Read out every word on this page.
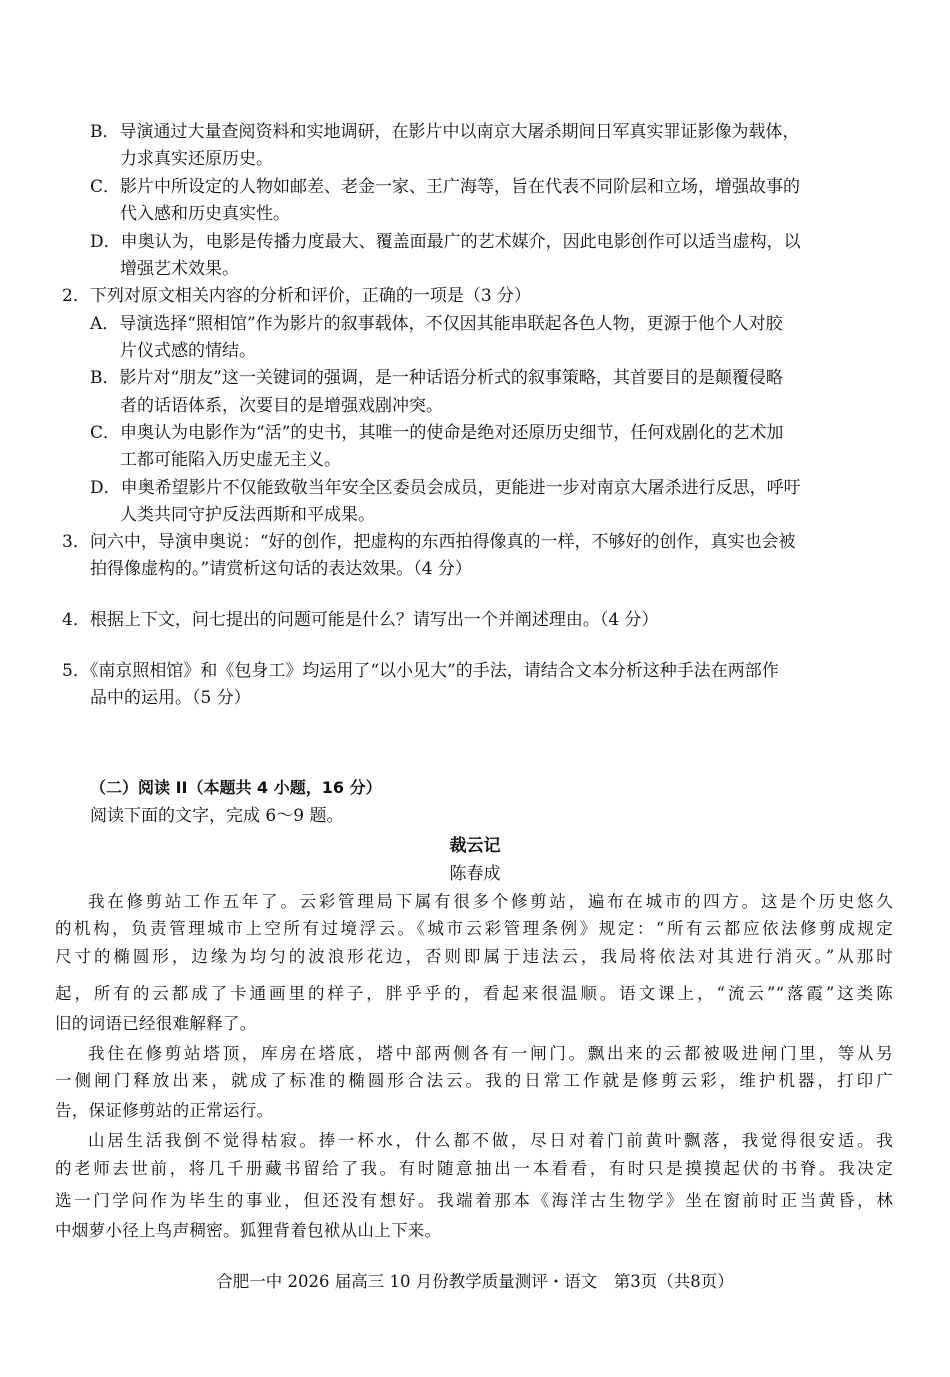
B．导演通过大量查阅资料和实地调研，在影片中以南京大屠杀期间日军真实罪证影像为载体，
力求真实还原历史。
C．影片中所设定的人物如邮差、老金一家、王广海等，旨在代表不同阶层和立场，增强故事的
代入感和历史真实性。
D．申奥认为，电影是传播力度最大、覆盖面最广的艺术媒介，因此电影创作可以适当虚构，以
增强艺术效果。
2．下列对原文相关内容的分析和评价，正确的一项是（3 分）
A．导演选择“照相馆”作为影片的叙事载体，不仅因其能串联起各色人物，更源于他个人对胶
片仪式感的情结。
B．影片对“朋友”这一关键词的强调，是一种话语分析式的叙事策略，其首要目的是颠覆侵略
者的话语体系，次要目的是增强戏剧冲突。
C．申奥认为电影作为“活”的史书，其唯一的使命是绝对还原历史细节，任何戏剧化的艺术加
工都可能陷入历史虚无主义。
D．申奥希望影片不仅能致敬当年安全区委员会成员，更能进一步对南京大屠杀进行反思，呼吁
人类共同守护反法西斯和平成果。
3．问六中，导演申奥说：“好的创作，把虚构的东西拍得像真的一样，不够好的创作，真实也会被
拍得像虚构的。”请赏析这句话的表达效果。（4 分）
4．根据上下文，问七提出的问题可能是什么？请写出一个并阐述理由。（4 分）
5．《南京照相馆》和《包身工》均运用了“以小见大”的手法，请结合文本分析这种手法在两部作
品中的运用。（5 分）
（二）阅读 II（本题共 4 小题，16 分）
阅读下面的文字，完成 6～9 题。
裁云记
陈春成
我在修剪站工作五年了。云彩管理局下属有很多个修剪站，遍布在城市的四方。这是个历史悠久
的机构，负责管理城市上空所有过境浮云。《城市云彩管理条例》规定：“所有云都应依法修剪成规定
尺寸的椭圆形，边缘为均匀的波浪形花边，否则即属于违法云，我局将依法对其进行消灭。”从那时
起，所有的云都成了卡通画里的样子，胖乎乎的，看起来很温顺。语文课上，“流云”“落霞”这类陈
旧的词语已经很难解释了。
我住在修剪站塔顶，库房在塔底，塔中部两侧各有一闸门。飘出来的云都被吸进闸门里，等从另
一侧闸门释放出来，就成了标准的椭圆形合法云。我的日常工作就是修剪云彩，维护机器，打印广
告，保证修剪站的正常运行。
山居生活我倒不觉得枯寂。捧一杯水，什么都不做，尽日对着门前黄叶飘落，我觉得很安适。我
的老师去世前，将几千册藏书留给了我。有时随意抽出一本看看，有时只是摸摸起伏的书脊。我决定
选一门学问作为毕生的事业，但还没有想好。我端着那本《海洋古生物学》坐在窗前时正当黄昏，林
中烟萝小径上鸟声稠密。狐狸背着包袱从山上下来。
合肥一中 2026 届高三 10 月份教学质量测评・语文　第3页（共8页）
